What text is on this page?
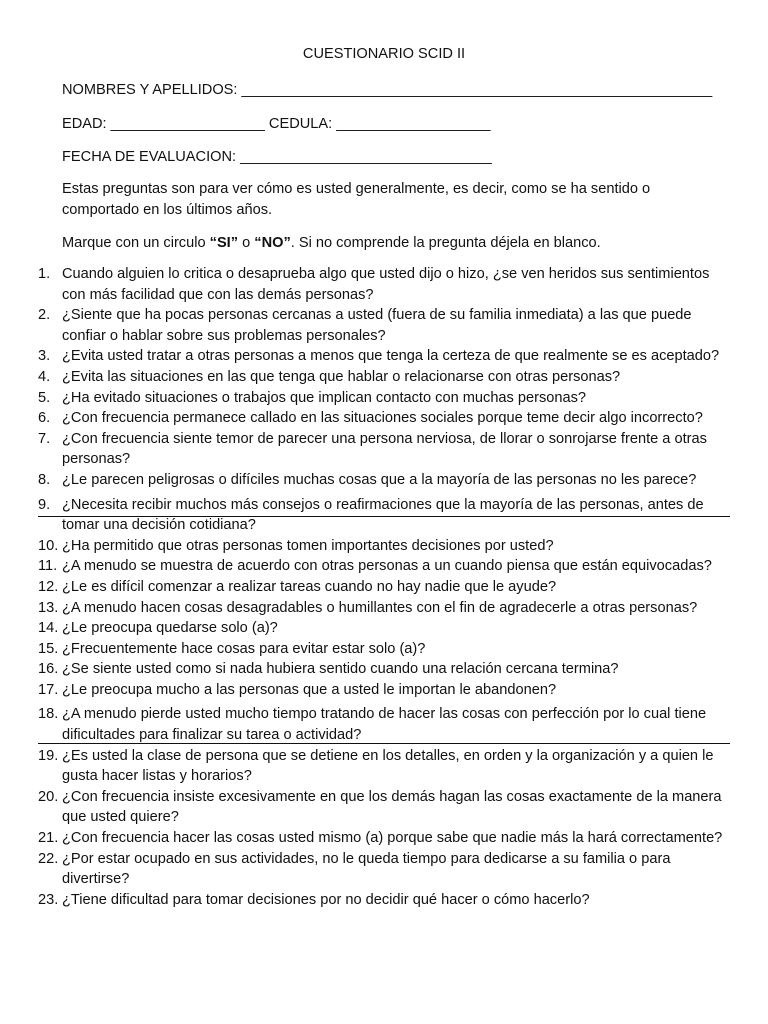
CUESTIONARIO SCID II
NOMBRES Y APELLIDOS: __________________________________________________________
EDAD: ___________________ CEDULA: ___________________
FECHA DE EVALUACION: _______________________________
Estas preguntas son para ver cómo es usted generalmente, es decir, como se ha sentido o comportado en los últimos años.
Marque con un circulo “SI” o “NO”. Si no comprende la pregunta déjela en blanco.
1. Cuando alguien lo critica o desaprueba algo que usted dijo o hizo, ¿se ven heridos sus sentimientos con más facilidad que con las demás personas?
2. ¿Siente que ha pocas personas cercanas a usted (fuera de su familia inmediata) a las que puede confiar o hablar sobre sus problemas personales?
3. ¿Evita usted tratar a otras personas a menos que tenga la certeza de que realmente se es aceptado?
4. ¿Evita las situaciones en las que tenga que hablar o relacionarse con otras personas?
5. ¿Ha evitado situaciones o trabajos que implican contacto con muchas personas?
6. ¿Con frecuencia permanece callado en las situaciones sociales porque teme decir algo incorrecto?
7. ¿Con frecuencia siente temor de parecer una persona nerviosa, de llorar o sonrojarse frente a otras personas?
8. ¿Le parecen peligrosas o difíciles muchas cosas que a la mayoría de las personas no les parece?
9. ¿Necesita recibir muchos más consejos o reafirmaciones que la mayoría de las personas, antes de tomar una decisión cotidiana?
10. ¿Ha permitido que otras personas tomen importantes decisiones por usted?
11. ¿A menudo se muestra de acuerdo con otras personas a un cuando piensa que están equivocadas?
12. ¿Le es difícil comenzar a realizar tareas cuando no hay nadie que le ayude?
13. ¿A menudo hacen cosas desagradables o humillantes con el fin de agradecerle a otras personas?
14. ¿Le preocupa quedarse solo (a)?
15. ¿Frecuentemente hace cosas para evitar estar solo (a)?
16. ¿Se siente usted como si nada hubiera sentido cuando una relación cercana termina?
17. ¿Le preocupa mucho a las personas que a usted le importan le abandonen?
18. ¿A menudo pierde usted mucho tiempo tratando de hacer las cosas con perfección por lo cual tiene dificultades para finalizar su tarea o actividad?
19. ¿Es usted la clase de persona que se detiene en los detalles, en orden y la organización y a quien le gusta hacer listas y horarios?
20. ¿Con frecuencia insiste excesivamente en que los demás hagan las cosas exactamente de la manera que usted quiere?
21. ¿Con frecuencia hacer las cosas usted mismo (a) porque sabe que nadie más la hará correctamente?
22. ¿Por estar ocupado en sus actividades, no le queda tiempo para dedicarse a su familia o para divertirse?
23. ¿Tiene dificultad para tomar decisiones por no decidir qué hacer o cómo hacerlo?
